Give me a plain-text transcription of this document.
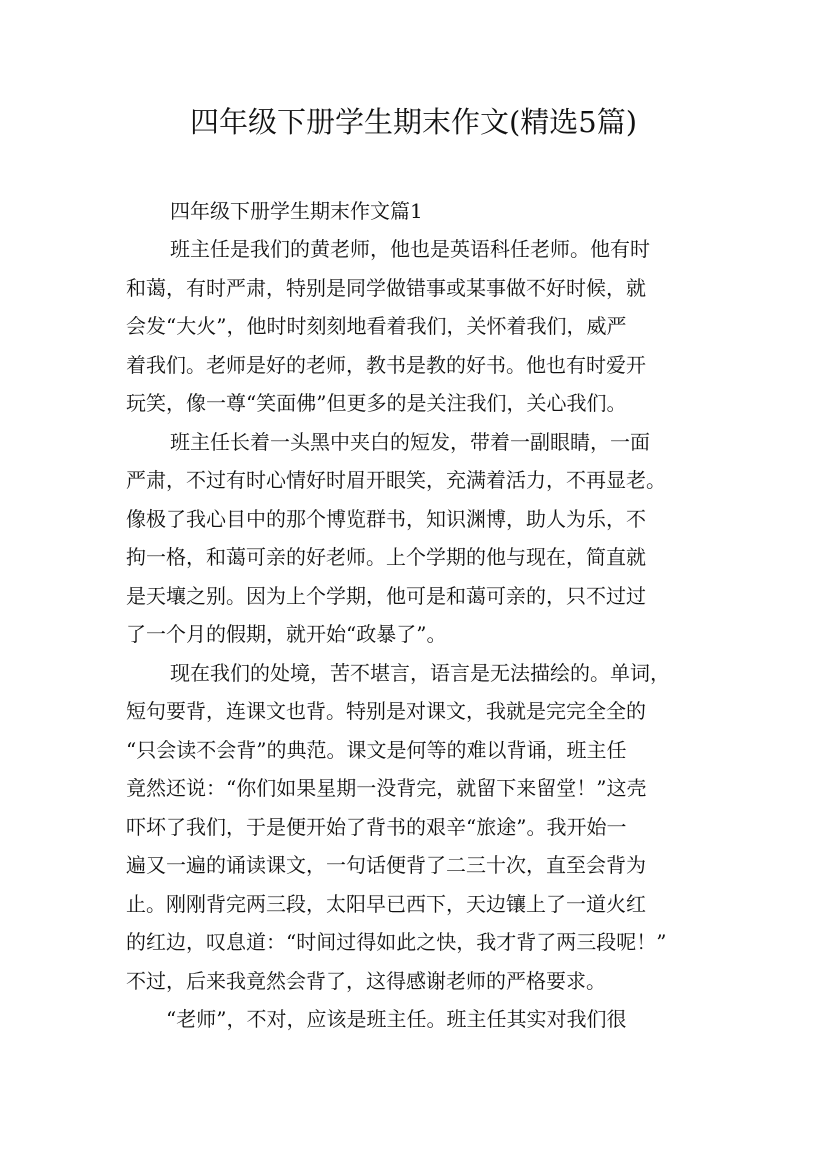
四年级下册学生期末作文(精选5篇)
四年级下册学生期末作文篇1

班主任是我们的黄老师，他也是英语科任老师。他有时
和蔼，有时严肃，特别是同学做错事或某事做不好时候，就
会发“大火”，他时时刻刻地看着我们，关怀着我们，威严
着我们。老师是好的老师，教书是教的好书。他也有时爱开
玩笑，像一尊“笑面佛”但更多的是关注我们，关心我们。

班主任长着一头黑中夹白的短发，带着一副眼睛，一面
严肃，不过有时心情好时眉开眼笑，充满着活力，不再显老。
像极了我心目中的那个博览群书，知识渊博，助人为乐，不
拘一格，和蔼可亲的好老师。上个学期的他与现在，简直就
是天壤之别。因为上个学期，他可是和蔼可亲的，只不过过
了一个月的假期，就开始“政暴了”。

现在我们的处境，苦不堪言，语言是无法描绘的。单词，
短句要背，连课文也背。特别是对课文，我就是完完全全的
“只会读不会背”的典范。课文是何等的难以背诵，班主任
竟然还说：“你们如果星期一没背完，就留下来留堂！”这壳
吓坏了我们，于是便开始了背书的艰辛“旅途”。我开始一
遍又一遍的诵读课文，一句话便背了二三十次，直至会背为
止。刚刚背完两三段，太阳早已西下，天边镶上了一道火红
的红边，叹息道：“时间过得如此之快，我才背了两三段呢！”
不过，后来我竟然会背了，这得感谢老师的严格要求。

“老师”，不对，应该是班主任。班主任其实对我们很
